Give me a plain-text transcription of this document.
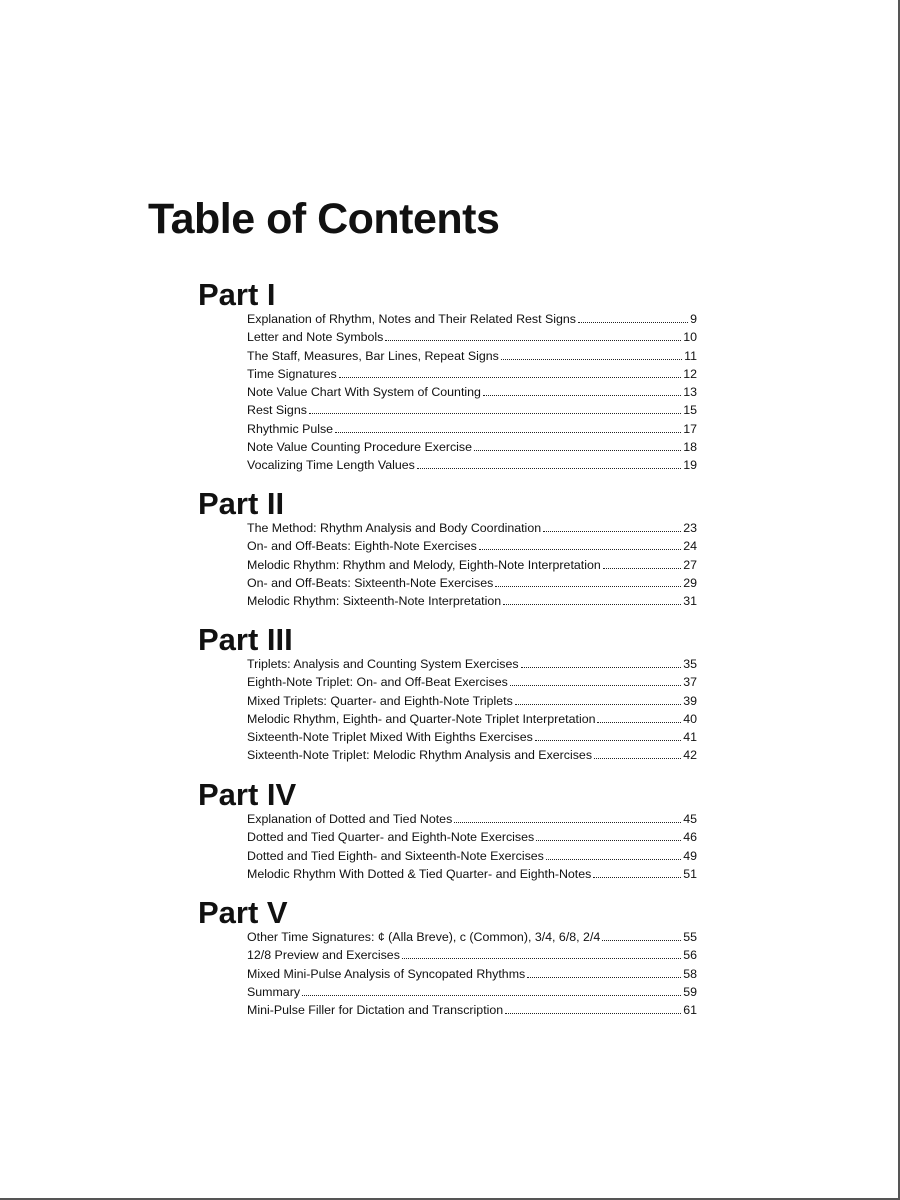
Table of Contents
Part I
Explanation of Rhythm, Notes and Their Related Rest Signs	9
Letter and Note Symbols	10
The Staff, Measures, Bar Lines, Repeat Signs	11
Time Signatures	12
Note Value Chart With System of Counting	13
Rest Signs	15
Rhythmic Pulse	17
Note Value Counting Procedure Exercise	18
Vocalizing Time Length Values	19
Part II
The Method: Rhythm Analysis and Body Coordination	23
On- and Off-Beats: Eighth-Note Exercises	24
Melodic Rhythm: Rhythm and Melody, Eighth-Note Interpretation	27
On- and Off-Beats: Sixteenth-Note Exercises	29
Melodic Rhythm: Sixteenth-Note Interpretation	31
Part III
Triplets: Analysis and Counting System Exercises	35
Eighth-Note Triplet: On- and Off-Beat Exercises	37
Mixed Triplets: Quarter- and Eighth-Note Triplets	39
Melodic Rhythm, Eighth- and Quarter-Note Triplet Interpretation	40
Sixteenth-Note Triplet Mixed With Eighths Exercises	41
Sixteenth-Note Triplet: Melodic Rhythm Analysis and Exercises	42
Part IV
Explanation of Dotted and Tied Notes	45
Dotted and Tied Quarter- and Eighth-Note Exercises	46
Dotted and Tied Eighth- and Sixteenth-Note Exercises	49
Melodic Rhythm With Dotted & Tied Quarter- and Eighth-Notes	51
Part V
Other Time Signatures: ¢ (Alla Breve), c (Common), 3/4, 6/8, 2/4	55
12/8 Preview and Exercises	56
Mixed Mini-Pulse Analysis of Syncopated Rhythms	58
Summary	59
Mini-Pulse Filler for Dictation and Transcription	61
